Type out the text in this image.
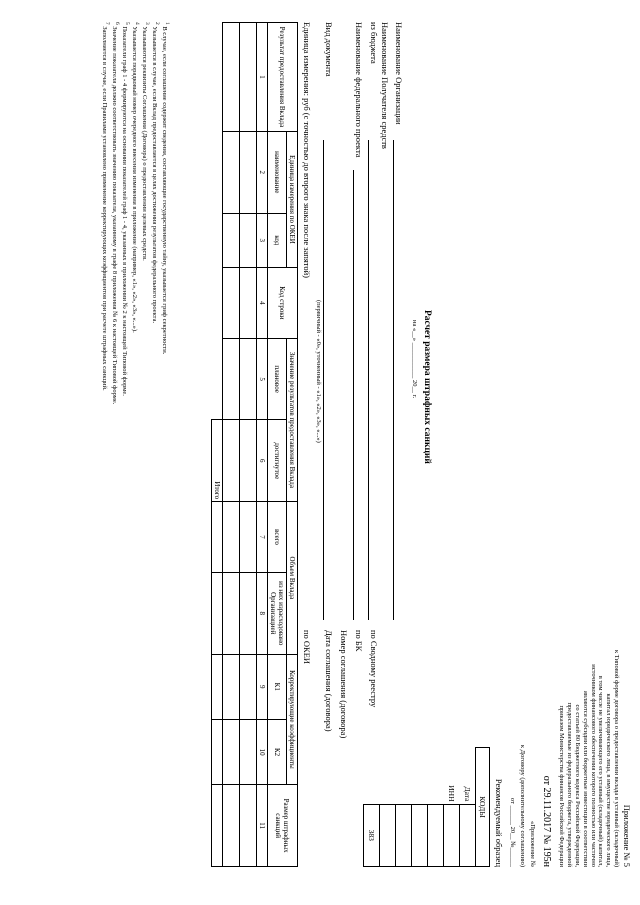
Приложение № 5
к Типовой форме договора о предоставлении вклада в уставный (складочный)
капитал юридического лица, в имуществе юридического лица,
в том числе не увеличивающего его уставный (складочный) капитал,
источником финансового обеспечения которого полностью или частично
являются субсидии или бюджетные инвестиции в соответствии
со статьей 80 Бюджетного кодекса Российской Федерации,
предоставляемые из федерального бюджета, утвержденной
приказом Министерства финансов Российской Федерации
от 29.11.2017 № 195н
«Приложение №
к Договору (дополнительному соглашению)
от ______ 20__ №______
Рекомендуемый образец
Расчет размера штрафных санкций
на «__» ___________ 20__ г.
КОДЫ	
Дата	
ИНН	

	383
Наименование Организации
Наименование Получателя средств
из бюджета
по Сводному реестру
Наименование федерального проекта
по БК
Номер соглашения (договора)
Вид документа
Дата соглашения (договора)
(первичный - «0», уточненный - «1», «2», «3», «...»)
Единица измерения: руб (с точностью до второго знака после запятой)
по ОКЕИ
Результат предоставления Вклада	Единица измерения по ОКЕИ		Код строки	Значение результатов предоставления Вклада		Объем Вклада		Корректирующие коэффициенты		Размер штрафных санкций
	наименование	код		плановое	достигнутое	всего	из них израсходовано Организацией	К1	К2	
1	2	3	4	5	6	7	8	9	10	11

					Итого					
$^1$ В случае, если соглашение содержит сведения, составляющие государственную тайну, указывается гриф секретности.
$^2$ Указывается в случае, если Вклад предоставляется в целях достижения результатов федерального проекта.
$^3$ Указываются реквизиты Соглашения (Договора) о предоставлении целевых средств.
$^4$ Указывается порядковый номер очередного внесения изменения в приложение (например, «1», «2», «3», «...»).
$^5$ Показатели граф 1 - 4 формируются на основании показателей граф 1 - 4, указанных в приложении № 2 к настоящей Типовой форме.
$^6$ Значение показателя должно соответствовать значению показателя, указанному в графе 8 приложения № 6 к настоящей Типовой форме.
$^7$ Заполняется в случае, если Правилами установлено применение корректирующих коэффициентов при расчете штрафных санкций.
